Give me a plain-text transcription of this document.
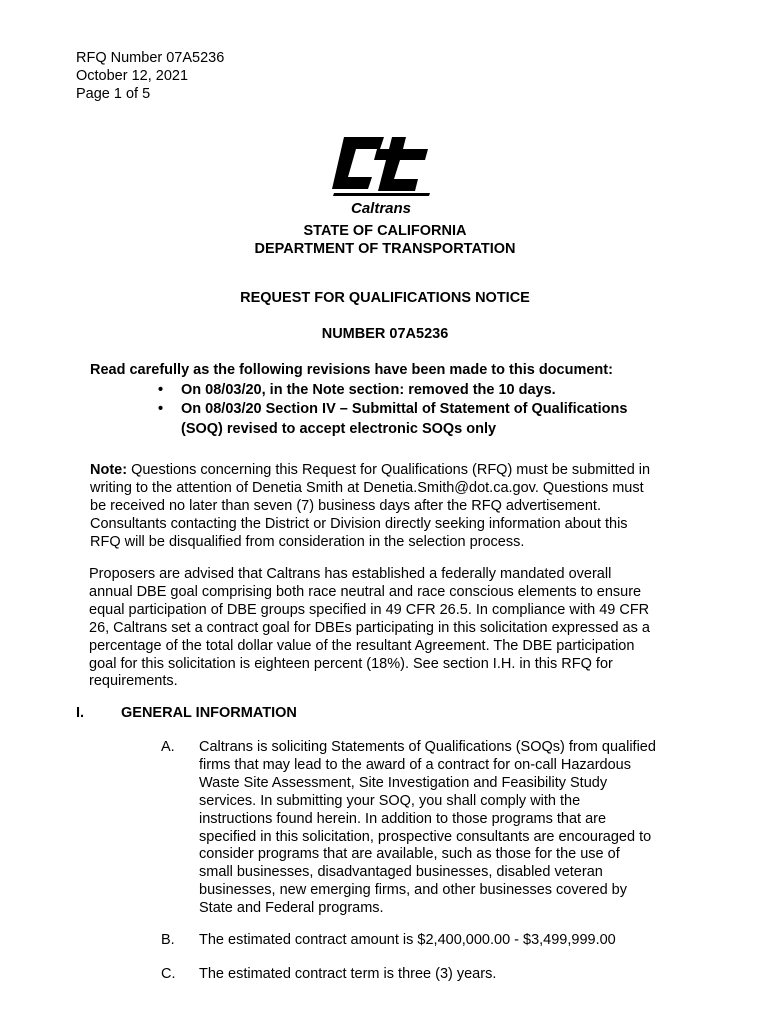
RFQ Number 07A5236
October 12, 2021
Page 1 of 5
Caltrans
STATE OF CALIFORNIA
DEPARTMENT OF TRANSPORTATION
REQUEST FOR QUALIFICATIONS NOTICE
NUMBER 07A5236
Read carefully as the following revisions have been made to this document:
• On 08/03/20, in the Note section: removed the 10 days.
• On 08/03/20 Section IV – Submittal of Statement of Qualifications
(SOQ) revised to accept electronic SOQs only
Note: Questions concerning this Request for Qualifications (RFQ) must be submitted in
writing to the attention of Denetia Smith at Denetia.Smith@dot.ca.gov. Questions must
be received no later than seven (7) business days after the RFQ advertisement.
Consultants contacting the District or Division directly seeking information about this
RFQ will be disqualified from consideration in the selection process.
Proposers are advised that Caltrans has established a federally mandated overall
annual DBE goal comprising both race neutral and race conscious elements to ensure
equal participation of DBE groups specified in 49 CFR 26.5. In compliance with 49 CFR
26, Caltrans set a contract goal for DBEs participating in this solicitation expressed as a
percentage of the total dollar value of the resultant Agreement. The DBE participation
goal for this solicitation is eighteen percent (18%). See section I.H. in this RFQ for
requirements.
I.	GENERAL INFORMATION
A. Caltrans is soliciting Statements of Qualifications (SOQs) from qualified
firms that may lead to the award of a contract for on-call Hazardous
Waste Site Assessment, Site Investigation and Feasibility Study
services. In submitting your SOQ, you shall comply with the
instructions found herein. In addition to those programs that are
specified in this solicitation, prospective consultants are encouraged to
consider programs that are available, such as those for the use of
small businesses, disadvantaged businesses, disabled veteran
businesses, new emerging firms, and other businesses covered by
State and Federal programs.
B. The estimated contract amount is $2,400,000.00 - $3,499,999.00
C. The estimated contract term is three (3) years.
